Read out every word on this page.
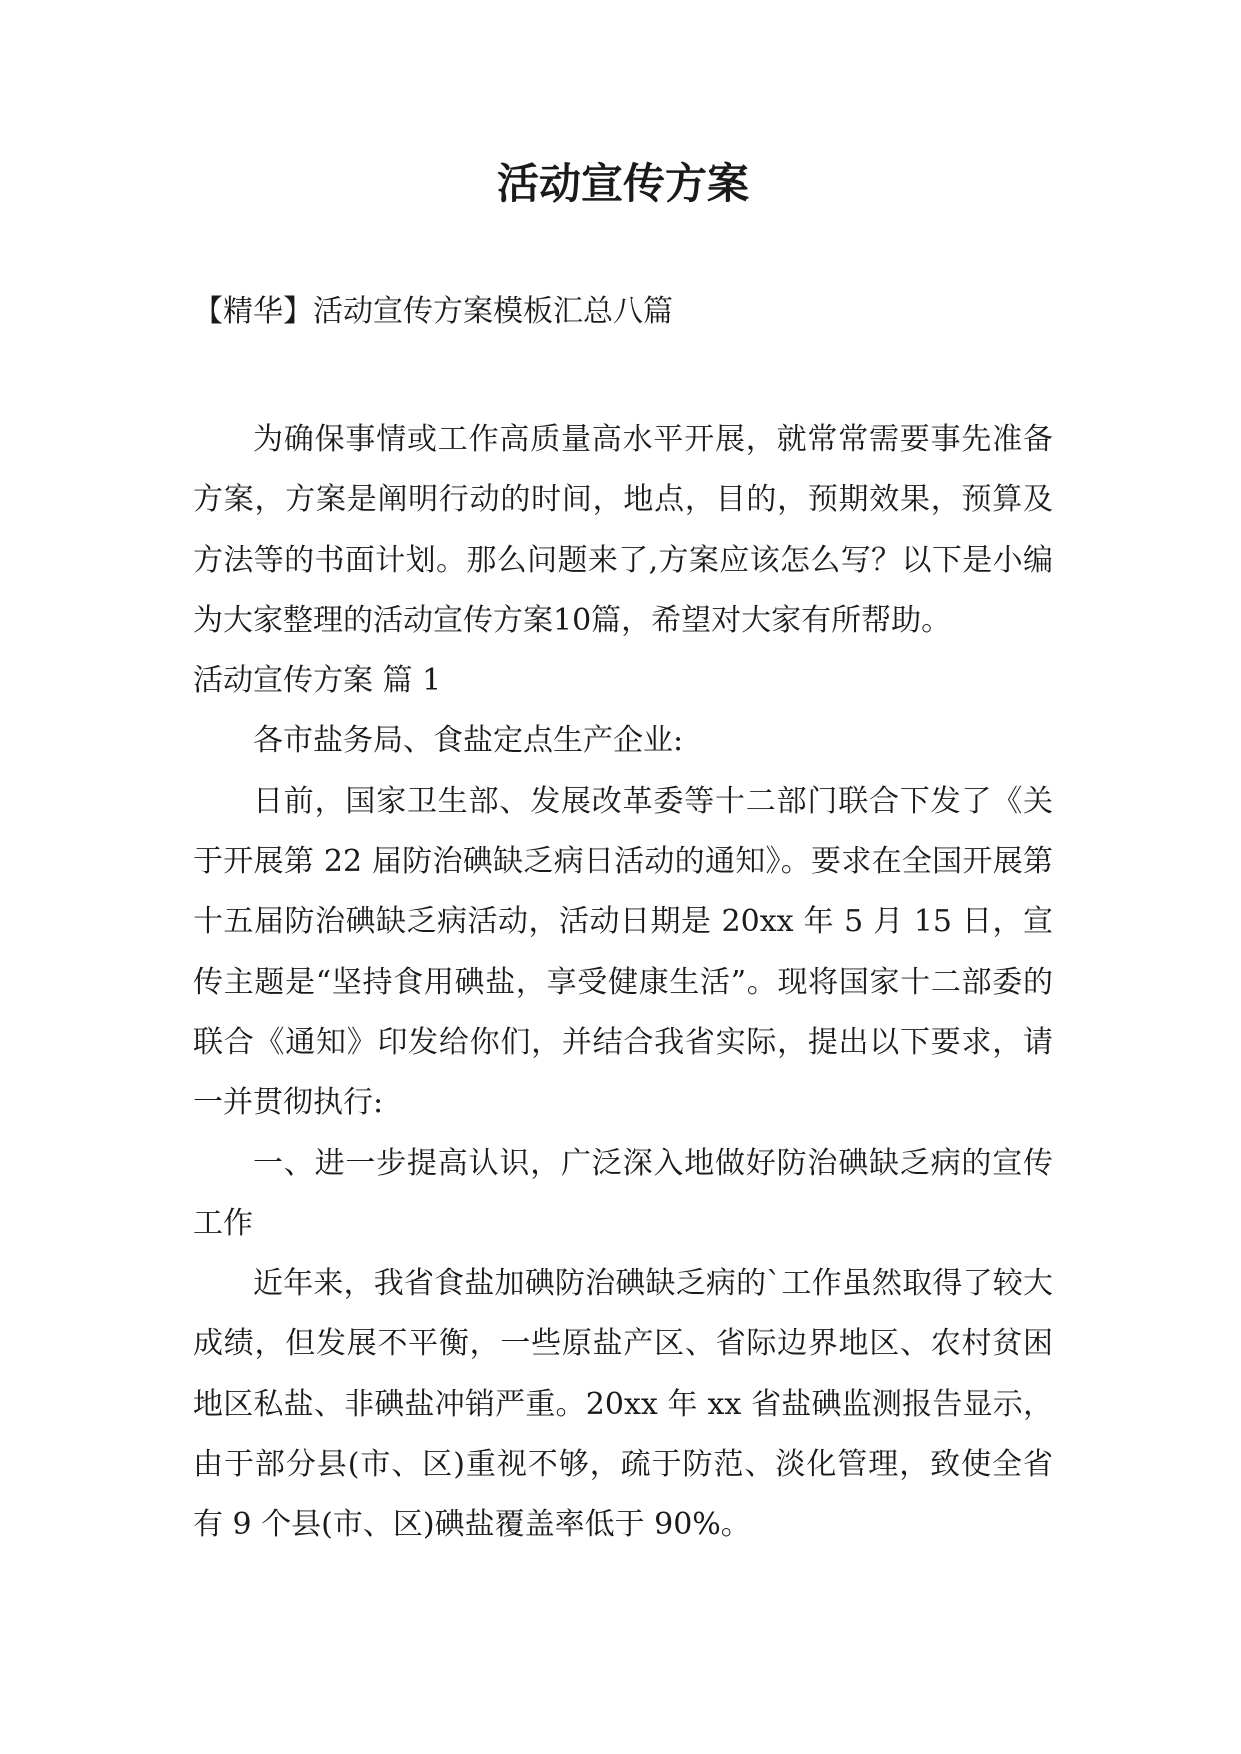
活动宣传方案

【精华】活动宣传方案模板汇总八篇

为确保事情或工作高质量高水平开展，就常常需要事先准备方案，方案是阐明行动的时间，地点，目的，预期效果，预算及方法等的书面计划。那么问题来了,方案应该怎么写？以下是小编为大家整理的活动宣传方案10篇，希望对大家有所帮助。

活动宣传方案 篇 1

各市盐务局、食盐定点生产企业:

日前，国家卫生部、发展改革委等十二部门联合下发了《关于开展第 22 届防治碘缺乏病日活动的通知》。要求在全国开展第十五届防治碘缺乏病活动，活动日期是 20xx 年 5 月 15 日，宣传主题是“坚持食用碘盐，享受健康生活”。现将国家十二部委的联合《通知》印发给你们，并结合我省实际，提出以下要求，请一并贯彻执行:

一、进一步提高认识，广泛深入地做好防治碘缺乏病的宣传工作

近年来，我省食盐加碘防治碘缺乏病的`工作虽然取得了较大成绩，但发展不平衡，一些原盐产区、省际边界地区、农村贫困地区私盐、非碘盐冲销严重。20xx 年 xx 省盐碘监测报告显示，由于部分县(市、区)重视不够，疏于防范、淡化管理，致使全省有 9 个县(市、区)碘盐覆盖率低于 90%。
